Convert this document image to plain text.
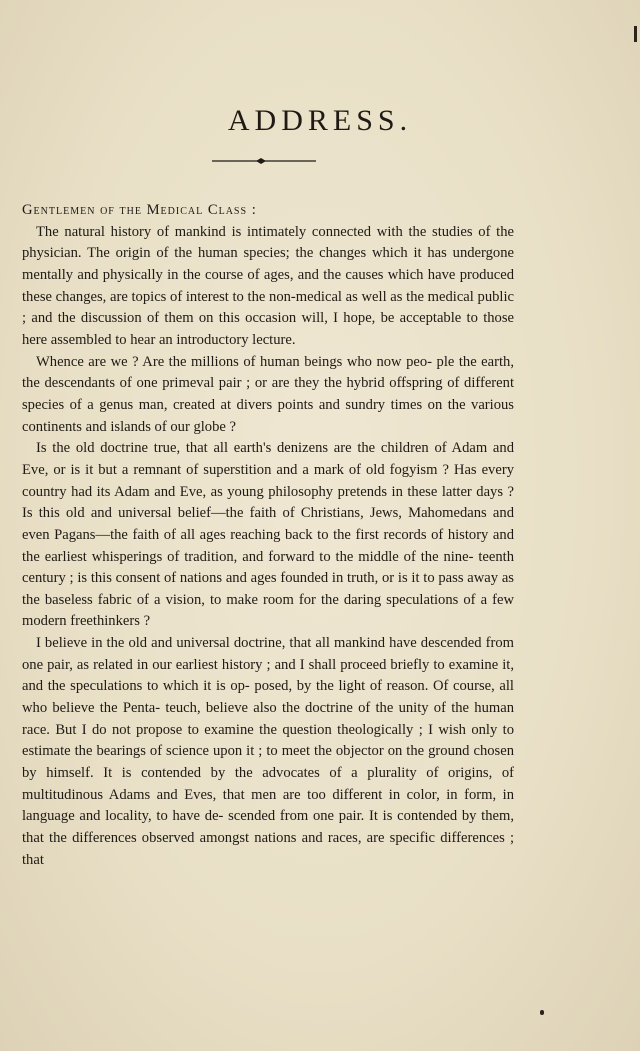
ADDRESS.

Gentlemen of the Medical Class :

The natural history of mankind is intimately connected with the studies of the physician. The origin of the human species; the changes which it has undergone mentally and physically in the course of ages, and the causes which have produced these changes, are topics of interest to the non-medical as well as the medical public ; and the discussion of them on this occasion will, I hope, be acceptable to those here assembled to hear an introductory lecture.

Whence are we ? Are the millions of human beings who now peo- ple the earth, the descendants of one primeval pair ; or are they the hybrid offspring of different species of a genus man, created at divers points and sundry times on the various continents and islands of our globe ?

Is the old doctrine true, that all earth's denizens are the children of Adam and Eve, or is it but a remnant of superstition and a mark of old fogyism ? Has every country had its Adam and Eve, as young philosophy pretends in these latter days ? Is this old and universal belief—the faith of Christians, Jews, Mahomedans and even Pagans—the faith of all ages reaching back to the first records of history and the earliest whisperings of tradition, and forward to the middle of the nine- teenth century ; is this consent of nations and ages founded in truth, or is it to pass away as the baseless fabric of a vision, to make room for the daring speculations of a few modern freethinkers ?

I believe in the old and universal doctrine, that all mankind have descended from one pair, as related in our earliest history ; and I shall proceed briefly to examine it, and the speculations to which it is op- posed, by the light of reason. Of course, all who believe the Penta- teuch, believe also the doctrine of the unity of the human race. But I do not propose to examine the question theologically ; I wish only to estimate the bearings of science upon it ; to meet the objector on the ground chosen by himself. It is contended by the advocates of a plurality of origins, of multitudinous Adams and Eves, that men are too different in color, in form, in language and locality, to have de- scended from one pair. It is contended by them, that the differences observed amongst nations and races, are specific differences ; that
